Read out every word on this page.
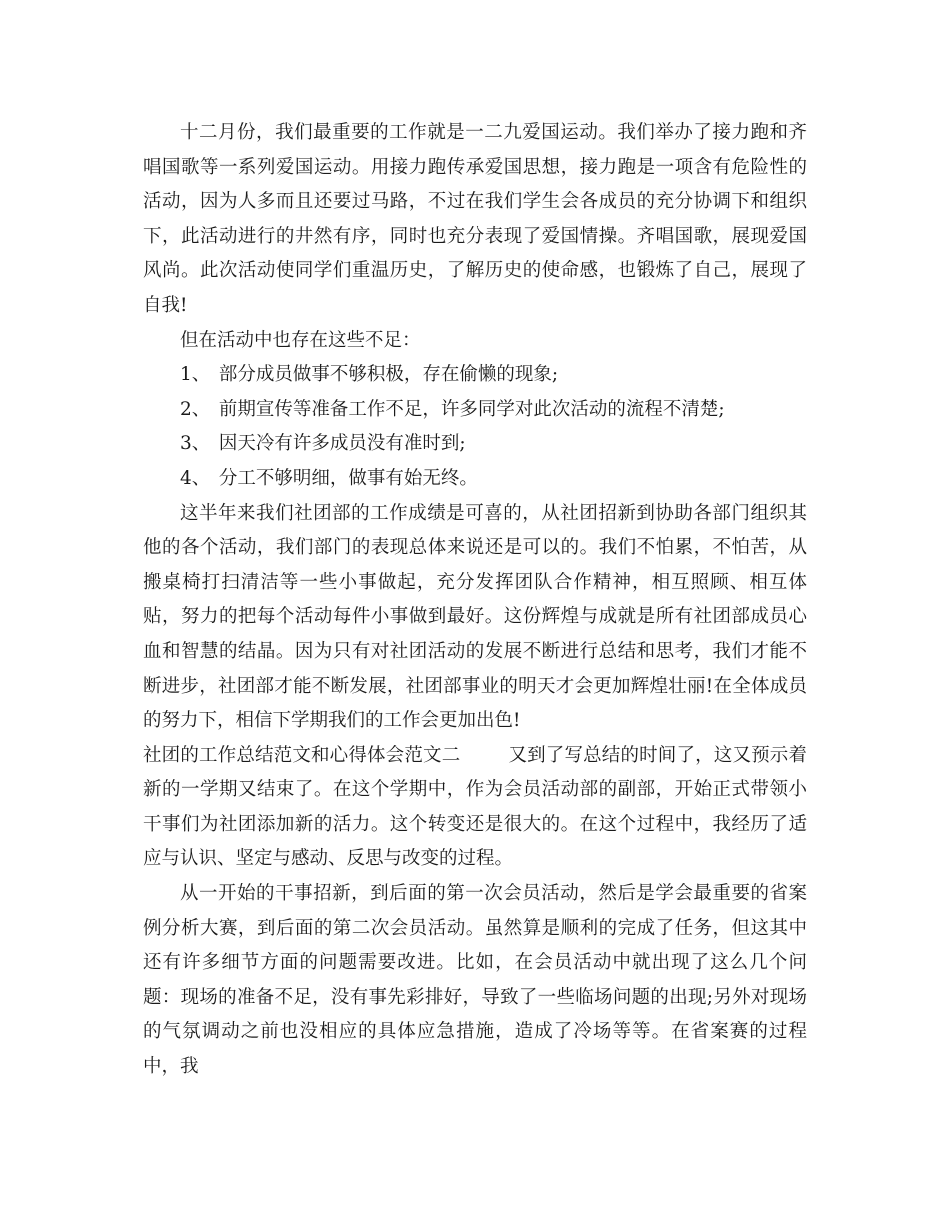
十二月份，我们最重要的工作就是一二九爱国运动。我们举办了接力跑和齐唱国歌等一系列爱国运动。用接力跑传承爱国思想，接力跑是一项含有危险性的活动，因为人多而且还要过马路，不过在我们学生会各成员的充分协调下和组织下，此活动进行的井然有序，同时也充分表现了爱国情操。齐唱国歌，展现爱国风尚。此次活动使同学们重温历史，了解历史的使命感，也锻炼了自己，展现了自我!

但在活动中也存在这些不足：

1、 部分成员做事不够积极，存在偷懒的现象;

2、 前期宣传等准备工作不足，许多同学对此次活动的流程不清楚;

3、 因天冷有许多成员没有准时到;

4、 分工不够明细，做事有始无终。

这半年来我们社团部的工作成绩是可喜的，从社团招新到协助各部门组织其他的各个活动，我们部门的表现总体来说还是可以的。我们不怕累，不怕苦，从搬桌椅打扫清洁等一些小事做起，充分发挥团队合作精神，相互照顾、相互体贴，努力的把每个活动每件小事做到最好。这份辉煌与成就是所有社团部成员心血和智慧的结晶。因为只有对社团活动的发展不断进行总结和思考，我们才能不断进步，社团部才能不断发展，社团部事业的明天才会更加辉煌壮丽!在全体成员的努力下，相信下学期我们的工作会更加出色!

社团的工作总结范文和心得体会范文二	又到了写总结的时间了，这又预示着新的一学期又结束了。在这个学期中，作为会员活动部的副部，开始正式带领小干事们为社团添加新的活力。这个转变还是很大的。在这个过程中，我经历了适应与认识、坚定与感动、反思与改变的过程。

从一开始的干事招新，到后面的第一次会员活动，然后是学会最重要的省案例分析大赛，到后面的第二次会员活动。虽然算是顺利的完成了任务，但这其中还有许多细节方面的问题需要改进。比如，在会员活动中就出现了这么几个问题：现场的准备不足，没有事先彩排好，导致了一些临场问题的出现;另外对现场的气氛调动之前也没相应的具体应急措施，造成了冷场等等。在省案赛的过程中，我
